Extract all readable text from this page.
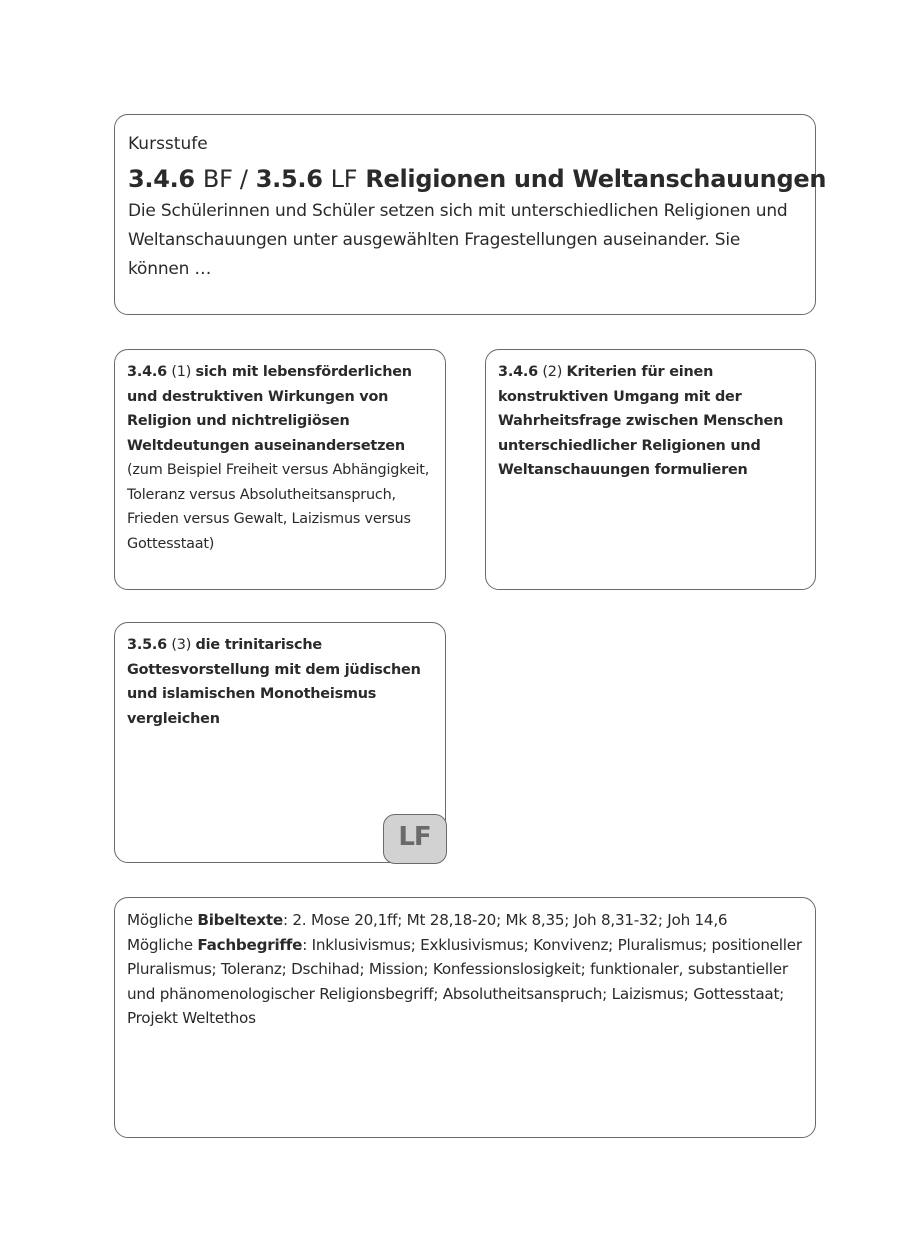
Kursstufe

3.4.6 BF / 3.5.6 LF Religionen und Weltanschauungen

Die Schülerinnen und Schüler setzen sich mit unterschiedlichen Religionen und Weltanschauungen unter ausgewählten Fragestellungen auseinander. Sie können …

3.4.6 (1) sich mit lebensförderlichen und destruktiven Wirkungen von Religion und nichtreligiösen Weltdeutungen auseinandersetzen (zum Beispiel Freiheit versus Abhängigkeit, Toleranz versus Absolutheitsanspruch, Frieden versus Gewalt, Laizismus versus Gottesstaat)

3.4.6 (2) Kriterien für einen konstruktiven Umgang mit der Wahrheitsfrage zwischen Menschen unterschiedlicher Religionen und Weltanschauungen formulieren

3.5.6 (3) die trinitarische Gottesvorstellung mit dem jüdischen und islamischen Monotheismus vergleichen

LF

Mögliche Bibeltexte: 2. Mose 20,1ff; Mt 28,18-20; Mk 8,35; Joh 8,31-32; Joh 14,6

Mögliche Fachbegriffe: Inklusivismus; Exklusivismus; Konvivenz; Pluralismus; positioneller Pluralismus; Toleranz; Dschihad; Mission; Konfessionslosigkeit; funktionaler, substantieller und phänomenologischer Religionsbegriff; Absolutheitsanspruch; Laizismus; Gottesstaat; Projekt Weltethos
